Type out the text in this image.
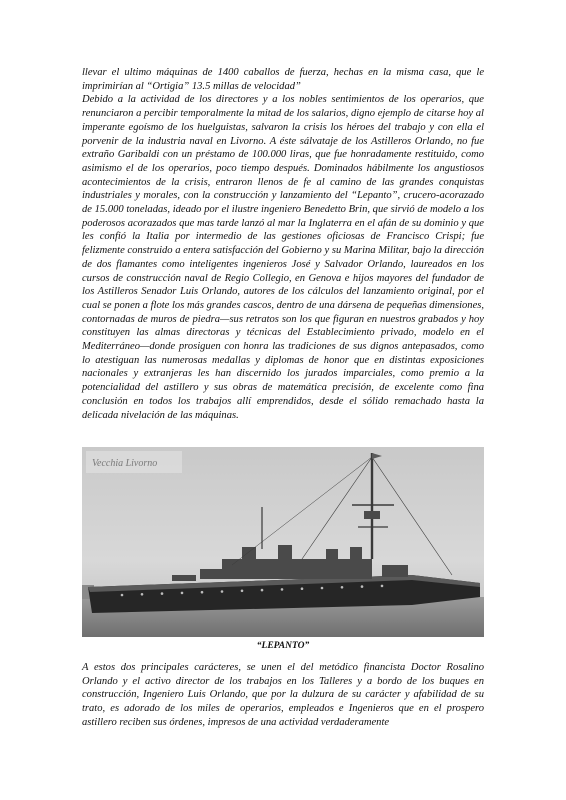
llevar el ultimo máquinas de 1400 caballos de fuerza, hechas en la misma casa, que le imprimirían al “Ortigia” 13.5 millas de velocidad”

Debido a la actividad de los directores y a los nobles sentimientos de los operarios, que renunciaron a percibir temporalmente la mitad de los salarios, digno ejemplo de citarse hoy al imperante egoísmo de los huelguistas, salvaron la crisis los héroes del trabajo y con ella el porvenir de la industria naval en Livorno. A éste sálvataje de los Astilleros Orlando, no fue extraño Garibaldi con un préstamo de 100.000 liras, que fue honradamente restituido, como asimismo el de los operarios, poco tiempo después. Dominados hábilmente los angustiosos acontecimientos de la crisis, entraron llenos de fe al camino de las grandes conquistas industriales y morales, con la construcción y lanzamiento del “Lepanto”, crucero-acorazado de 15.000 toneladas, ideado por el ilustre ingeniero Benedetto Brin, que sirvió de modelo a los poderosos acorazados que mas tarde lanzó al mar la Inglaterra en el afán de su dominio y que les confió la Italia por intermedio de las gestiones oficiosas de Francisco Crispi; fue felizmente construido a entera satisfacción del Gobierno y su Marina Militar, bajo la dirección de dos flamantes como inteligentes ingenieros José y Salvador Orlando, laureados en los cursos de construcción naval de Regio Collegio, en Genova e hijos mayores del fundador de los Astilleros Senador Luis Orlando, autores de los cálculos del lanzamiento original, por el cual se ponen a flote los más grandes cascos, dentro de una dársena de pequeñas dimensiones, contornadas de muros de piedra—sus retratos son los que figuran en nuestros grabados y hoy constituyen las almas directoras y técnicas del Establecimiento privado, modelo en el Mediterráneo—donde prosiguen con honra las tradiciones de sus dignos antepasados, como lo atestiguan las numerosas medallas y diplomas de honor que en distintas exposiciones nacionales y extranjeras les han discernido los jurados imparciales, como premio a la potencialidad del astillero y sus obras de matemática precisión, de excelente como fina conclusión en todos los trabajos allí emprendidos, desde el sólido remachado hasta la delicada nivelación de las máquinas.

Vecchia Livorno
“LEPANTO”

A estos dos principales carácteres, se unen el del metódico financista Doctor Rosalino Orlando y el activo director de los trabajos en los Talleres y a bordo de los buques en construcción, Ingeniero Luis Orlando, que por la dulzura de su carácter y afabilidad de su trato, es adorado de los miles de operarios, empleados e Ingenieros que en el prospero astillero reciben sus órdenes, impresos de una actividad verdaderamente
